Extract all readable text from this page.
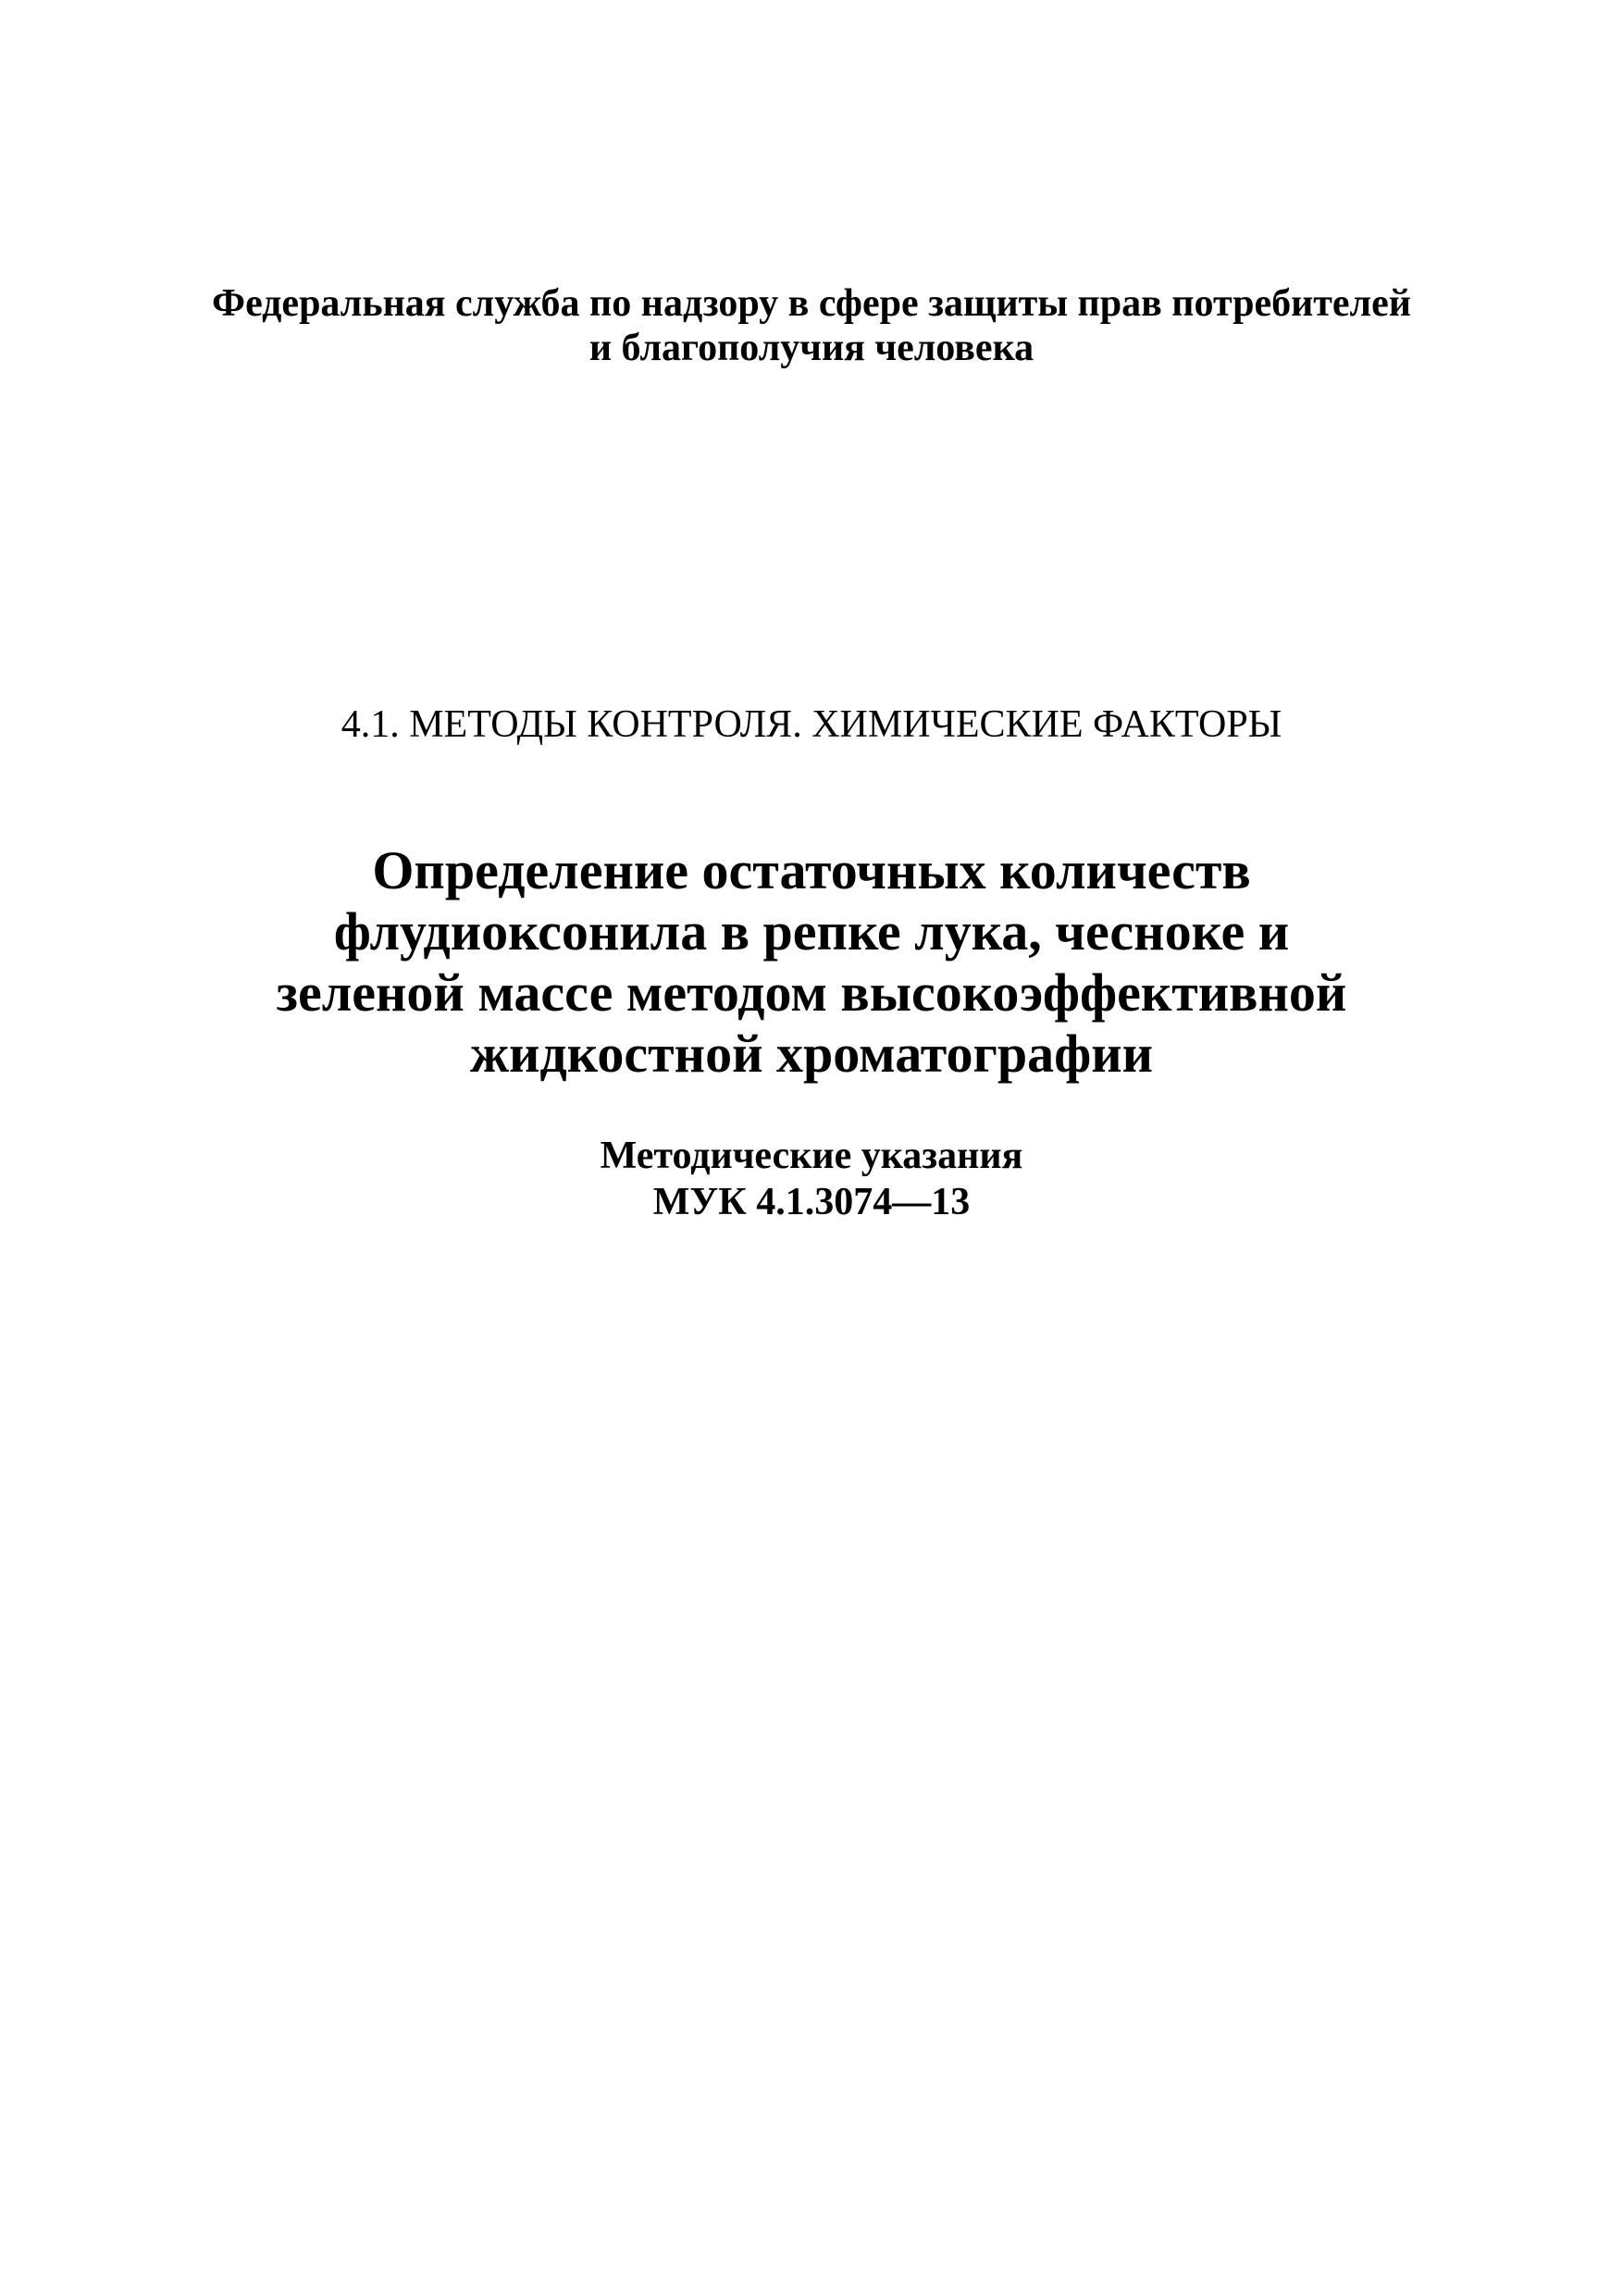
Федеральная служба по надзору в сфере защиты прав потребителей

и благополучия человека

4.1. МЕТОДЫ КОНТРОЛЯ. ХИМИЧЕСКИЕ ФАКТОРЫ

Определение остаточных количеств

флудиоксонила в репке лука, чесноке и

зеленой массе методом высокоэффективной

жидкостной хроматографии

Методические указания

МУК 4.1.3074—13
